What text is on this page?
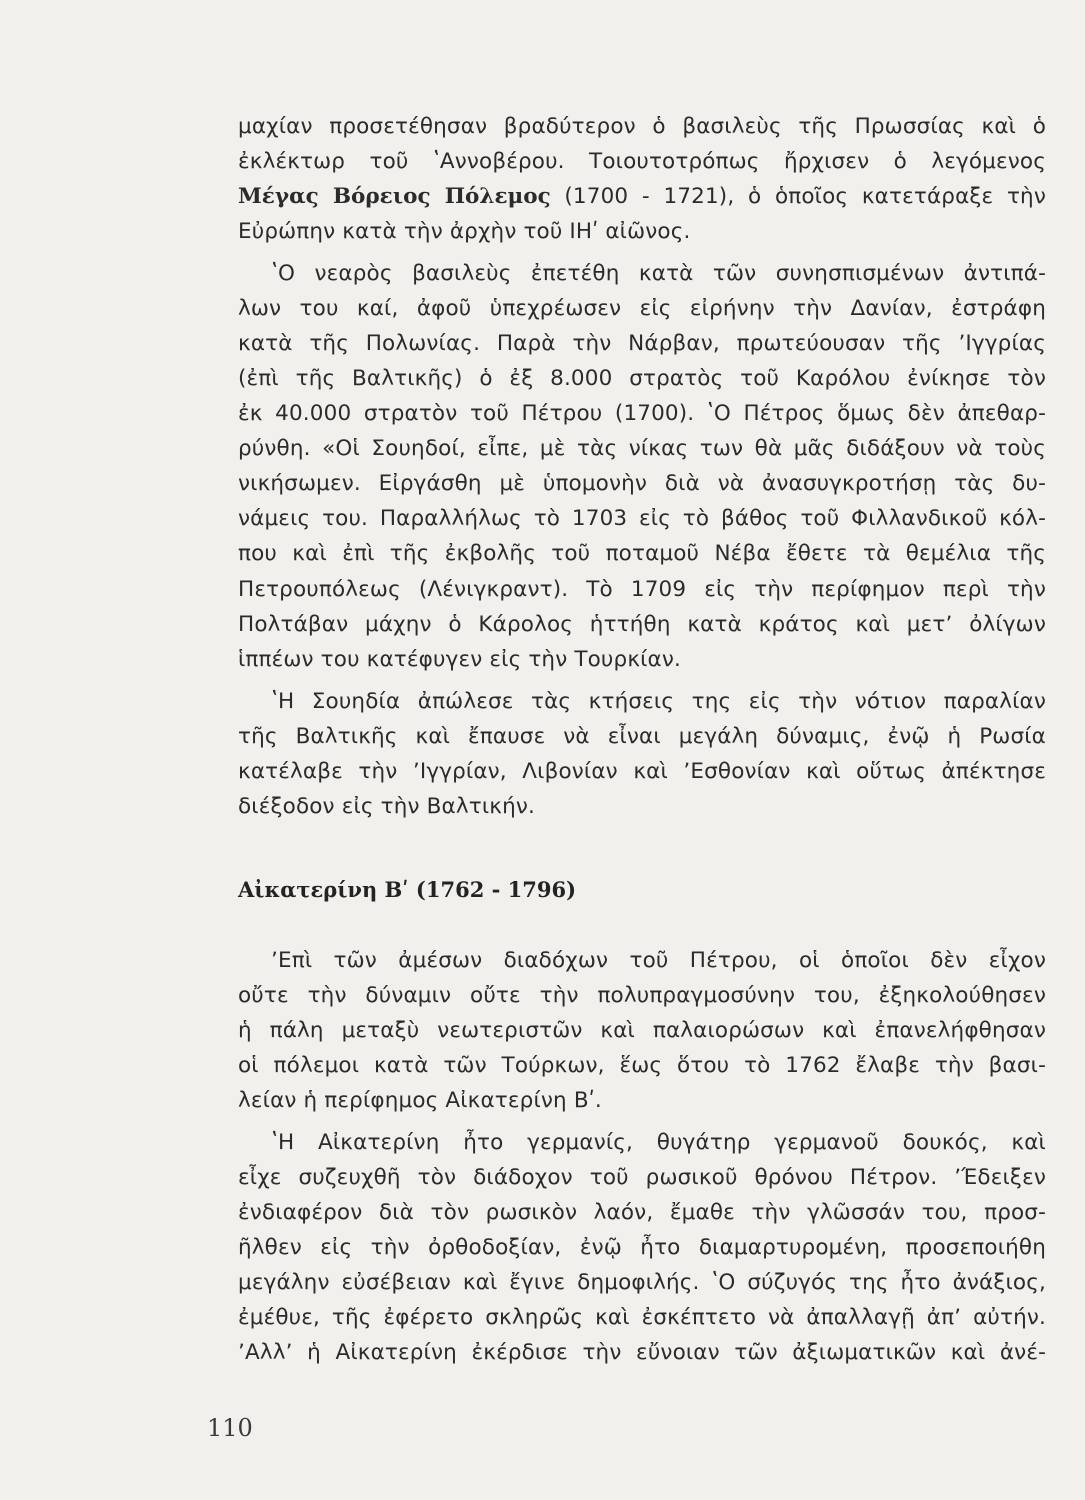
μαχίαν προσετέθησαν βραδύτερον ὁ βασιλεὺς τῆς Πρωσσίας καὶ ὁ
ἐκλέκτωρ τοῦ ʽΑννοβέρου. Τοιουτοτρόπως ἤρχισεν ὁ λεγόμενος
Μέγας Βόρειος Πόλεμος (1700 - 1721), ὁ ὁποῖος κατετάραξε τὴν
Εὐρώπην κατὰ τὴν ἀρχὴν τοῦ ΙΗʹ αἰῶνος.
ʽΟ νεαρὸς βασιλεὺς ἐπετέθη κατὰ τῶν συνησπισμένων ἀντιπά-
λων του καί, ἀφοῦ ὑπεχρέωσεν εἰς εἰρήνην τὴν Δανίαν, ἐστράφη
κατὰ τῆς Πολωνίας. Παρὰ τὴν Νάρβαν, πρωτεύουσαν τῆς ʼΙγγρίας
(ἐπὶ τῆς Βαλτικῆς) ὁ ἐξ 8.000 στρατὸς τοῦ Καρόλου ἐνίκησε τὸν
ἐκ 40.000 στρατὸν τοῦ Πέτρου (1700). ʽΟ Πέτρος ὅμως δὲν ἀπεθαρ-
ρύνθη. «Οἱ Σουηδοί, εἶπε, μὲ τὰς νίκας των θὰ μᾶς διδάξουν νὰ τοὺς
νικήσωμεν. Εἰργάσθη μὲ ὑπομονὴν διὰ νὰ ἀνασυγκροτήσῃ τὰς δυ-
νάμεις του. Παραλλήλως τὸ 1703 εἰς τὸ βάθος τοῦ Φιλλανδικοῦ κόλ-
που καὶ ἐπὶ τῆς ἐκβολῆς τοῦ ποταμοῦ Νέβα ἔθετε τὰ θεμέλια τῆς
Πετρουπόλεως (Λένιγκραντ). Τὸ 1709 εἰς τὴν περίφημον περὶ τὴν
Πολτάβαν μάχην ὁ Κάρολος ἡττήθη κατὰ κράτος καὶ μετʼ ὀλίγων
ἱππέων του κατέφυγεν εἰς τὴν Τουρκίαν.
ʽΗ Σουηδία ἀπώλεσε τὰς κτήσεις της εἰς τὴν νότιον παραλίαν
τῆς Βαλτικῆς καὶ ἔπαυσε νὰ εἶναι μεγάλη δύναμις, ἐνῷ ἡ Ρωσία
κατέλαβε τὴν ʼΙγγρίαν, Λιβονίαν καὶ ʼΕσθονίαν καὶ οὕτως ἀπέκτησε
διέξοδον εἰς τὴν Βαλτικήν.
Αἰκατερίνη Βʹ (1762 - 1796)
ʼΕπὶ τῶν ἀμέσων διαδόχων τοῦ Πέτρου, οἱ ὁποῖοι δὲν εἶχον
οὔτε τὴν δύναμιν οὔτε τὴν πολυπραγμοσύνην του, ἐξηκολούθησεν
ἡ πάλη μεταξὺ νεωτεριστῶν καὶ παλαιορώσων καὶ ἐπανελήφθησαν
οἱ πόλεμοι κατὰ τῶν Τούρκων, ἕως ὅτου τὸ 1762 ἔλαβε τὴν βασι-
λείαν ἡ περίφημος Αἰκατερίνη Βʹ.
ʽΗ Αἰκατερίνη ἦτο γερμανίς, θυγάτηρ γερμανοῦ δουκός, καὶ
εἶχε συζευχθῆ τὸν διάδοχον τοῦ ρωσικοῦ θρόνου Πέτρον. ʼΈδειξεν
ἐνδιαφέρον διὰ τὸν ρωσικὸν λαόν, ἔμαθε τὴν γλῶσσάν του, προσ-
ῆλθεν εἰς τὴν ὀρθοδοξίαν, ἐνῷ ἦτο διαμαρτυρομένη, προσεποιήθη
μεγάλην εὐσέβειαν καὶ ἔγινε δημοφιλής. ʽΟ σύζυγός της ἦτο ἀνάξιος,
ἐμέθυε, τῆς ἐφέρετο σκληρῶς καὶ ἐσκέπτετο νὰ ἀπαλλαγῇ ἀπʼ αὐτήν.
ʼΑλλʼ ἡ Αἰκατερίνη ἐκέρδισε τὴν εὔνοιαν τῶν ἀξιωματικῶν καὶ ἀνέ-
110
